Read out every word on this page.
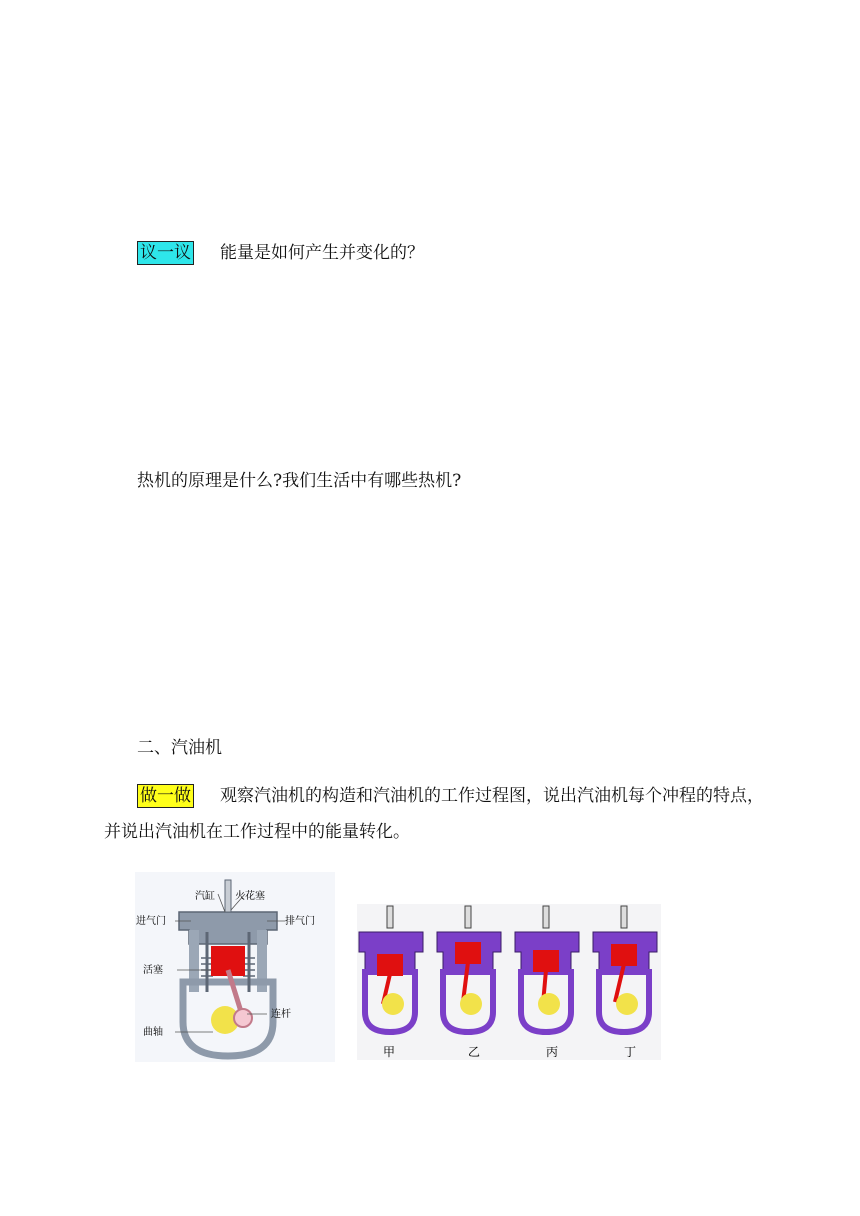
议一议 能量是如何产生并变化的？
热机的原理是什么?我们生活中有哪些热机?
二、汽油机
做一做 观察汽油机的构造和汽油机的工作过程图，说出汽油机每个冲程的特点，
并说出汽油机在工作过程中的能量转化。
汽缸 火花塞
进气门	排气门
活塞
连杆
曲轴
甲	乙	丙	丁
